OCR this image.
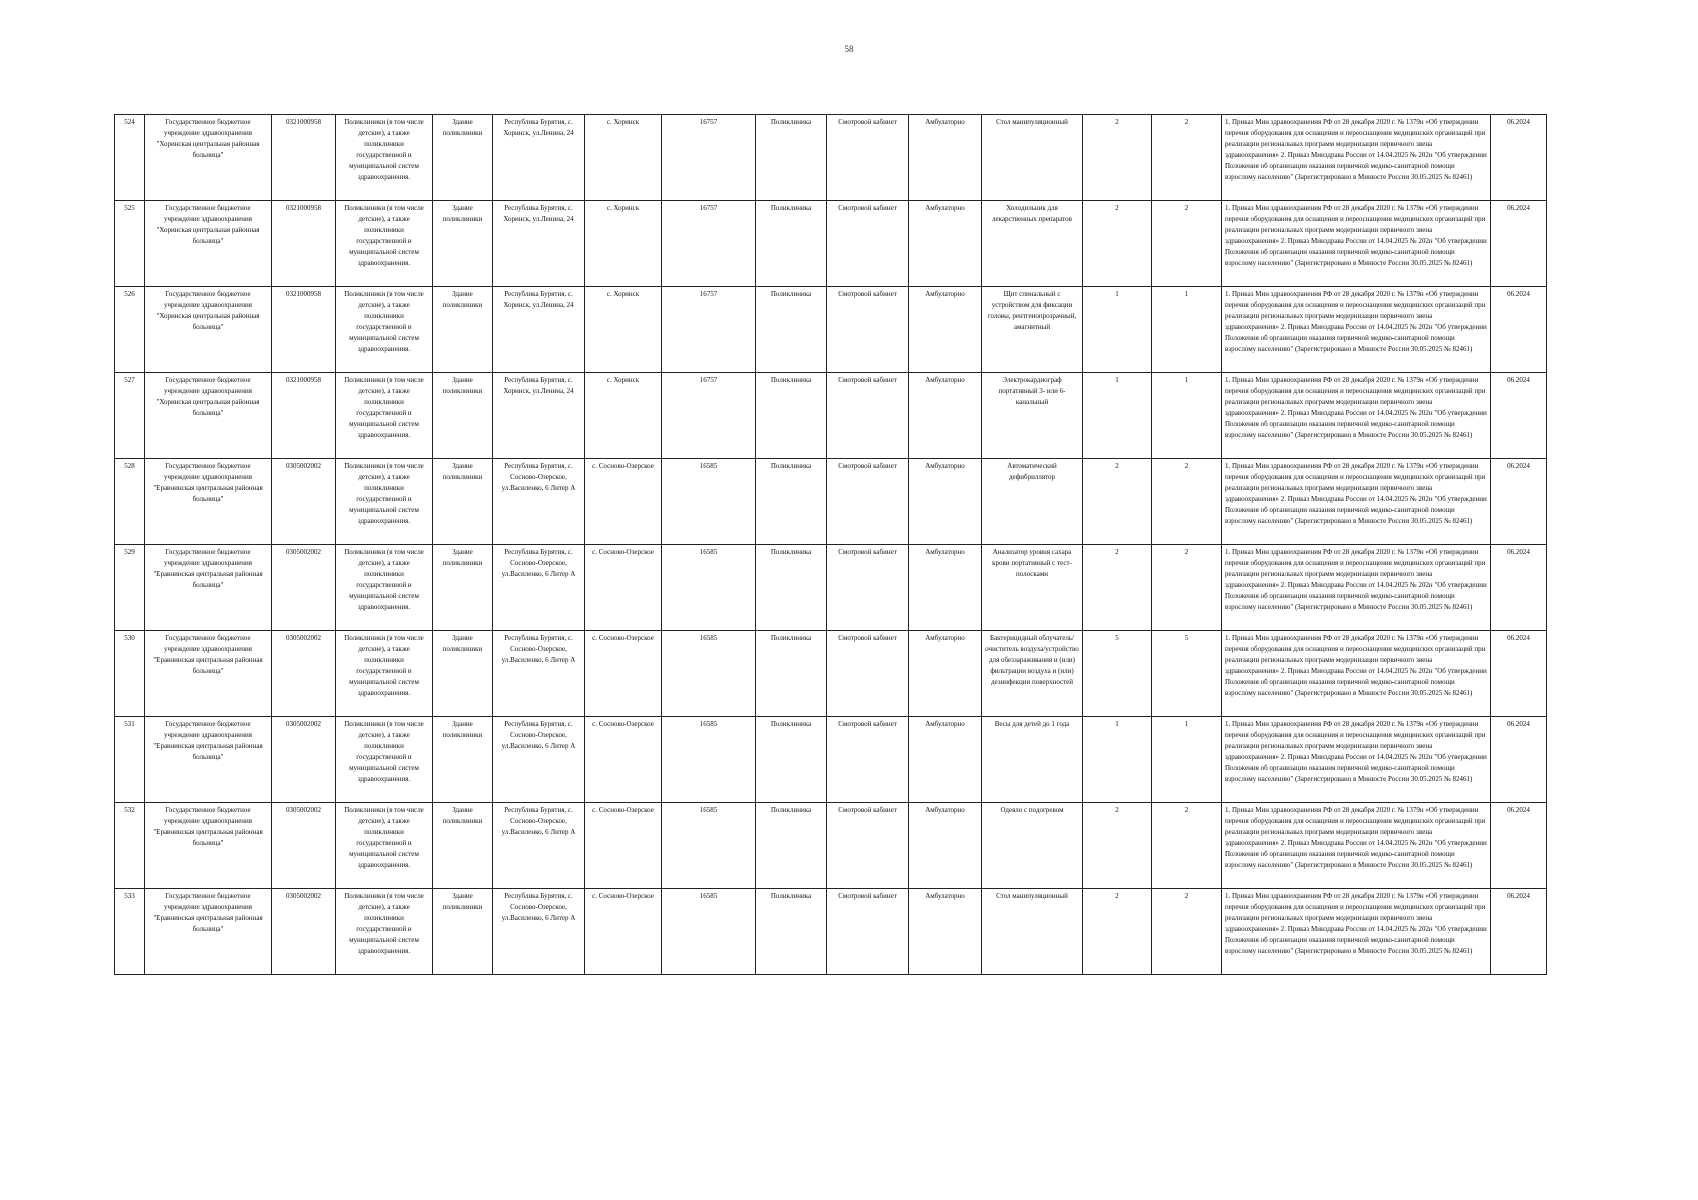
58
524	Государственное бюджетное учреждение здравоохранения "Хоринская центральная районная больница"	0321000958	Поликлиники (в том числе детские), а также поликлиники государственной и муниципальной систем здравоохранения.	Здание поликлиники	Республика Бурятия, с. Хоринск, ул.Ленина, 24	с. Хоринск	16757	Поликлиника	Смотровой кабинет	Амбулаторно	Стол манипуляционный	2	2	1. Приказ Мин здравоохранения РФ от 28 декабря 2020 г. № 1379н «Об утверждении перечня оборудования для оснащения и переоснащения медицинских организаций при реализации региональных программ модернизации первичного звена здравоохранения» 2. Приказ Минздрава России от 14.04.2025 № 202н "Об утверждении Положения об организации оказания первичной медико-санитарной помощи взрослому населению" (Зарегистрировано в Минюсте России 30.05.2025 № 82461)	06.2024
525	Государственное бюджетное учреждение здравоохранения "Хоринская центральная районная больница"	0321000958	Поликлиники (в том числе детские), а также поликлиники государственной и муниципальной систем здравоохранения.	Здание поликлиники	Республика Бурятия, с. Хоринск, ул.Ленина, 24	с. Хоринск	16757	Поликлиника	Смотровой кабинет	Амбулаторно	Холодильник для лекарственных препаратов	2	2	1. Приказ Мин здравоохранения РФ от 28 декабря 2020 г. № 1379н «Об утверждении перечня оборудования для оснащения и переоснащения медицинских организаций при реализации региональных программ модернизации первичного звена здравоохранения» 2. Приказ Минздрава России от 14.04.2025 № 202н "Об утверждении Положения об организации оказания первичной медико-санитарной помощи взрослому населению" (Зарегистрировано в Минюсте России 30.05.2025 № 82461)	06.2024
526	Государственное бюджетное учреждение здравоохранения "Хоринская центральная районная больница"	0321000958	Поликлиники (в том числе детские), а также поликлиники государственной и муниципальной систем здравоохранения.	Здание поликлиники	Республика Бурятия, с. Хоринск, ул.Ленина, 24	с. Хоринск	16757	Поликлиника	Смотровой кабинет	Амбулаторно	Щит спинальный с устройством для фиксации головы, рентгенопрозрачный, амагнитный	1	1	1. Приказ Мин здравоохранения РФ от 28 декабря 2020 г. № 1379н «Об утверждении перечня оборудования для оснащения и переоснащения медицинских организаций при реализации региональных программ модернизации первичного звена здравоохранения» 2. Приказ Минздрава России от 14.04.2025 № 202н "Об утверждении Положения об организации оказания первичной медико-санитарной помощи взрослому населению" (Зарегистрировано в Минюсте России 30.05.2025 № 82461)	06.2024
527	Государственное бюджетное учреждение здравоохранения "Хоринская центральная районная больница"	0321000958	Поликлиники (в том числе детские), а также поликлиники государственной и муниципальной систем здравоохранения.	Здание поликлиники	Республика Бурятия, с. Хоринск, ул.Ленина, 24	с. Хоринск	16757	Поликлиника	Смотровой кабинет	Амбулаторно	Электрокардиограф портативный 3- или 6-канальный	1	1	1. Приказ Мин здравоохранения РФ от 28 декабря 2020 г. № 1379н «Об утверждении перечня оборудования для оснащения и переоснащения медицинских организаций при реализации региональных программ модернизации первичного звена здравоохранения» 2. Приказ Минздрава России от 14.04.2025 № 202н "Об утверждении Положения об организации оказания первичной медико-санитарной помощи взрослому населению" (Зарегистрировано в Минюсте России 30.05.2025 № 82461)	06.2024
528	Государственное бюджетное учреждение здравоохранения "Еравнинская центральная районная больница"	0305002002	Поликлиники (в том числе детские), а также поликлиники государственной и муниципальной систем здравоохранения.	Здание поликлиники	Республика Бурятия, с. Сосново-Озерское, ул.Василенко, 6 Литер А	с. Сосново-Озерское	16585	Поликлиника	Смотровой кабинет	Амбулаторно	Автоматический дефибриллятор	2	2	1. Приказ Мин здравоохранения РФ от 28 декабря 2020 г. № 1379н «Об утверждении перечня оборудования для оснащения и переоснащения медицинских организаций при реализации региональных программ модернизации первичного звена здравоохранения» 2. Приказ Минздрава России от 14.04.2025 № 202н "Об утверждении Положения об организации оказания первичной медико-санитарной помощи взрослому населению" (Зарегистрировано в Минюсте России 30.05.2025 № 82461)	06.2024
529	Государственное бюджетное учреждение здравоохранения "Еравнинская центральная районная больница"	0305002002	Поликлиники (в том числе детские), а также поликлиники государственной и муниципальной систем здравоохранения.	Здание поликлиники	Республика Бурятия, с. Сосново-Озерское, ул.Василенко, 6 Литер А	с. Сосново-Озерское	16585	Поликлиника	Смотровой кабинет	Амбулаторно	Анализатор уровня сахара крови портативный с тест-полосками	2	2	1. Приказ Мин здравоохранения РФ от 28 декабря 2020 г. № 1379н «Об утверждении перечня оборудования для оснащения и переоснащения медицинских организаций при реализации региональных программ модернизации первичного звена здравоохранения» 2. Приказ Минздрава России от 14.04.2025 № 202н "Об утверждении Положения об организации оказания первичной медико-санитарной помощи взрослому населению" (Зарегистрировано в Минюсте России 30.05.2025 № 82461)	06.2024
530	Государственное бюджетное учреждение здравоохранения "Еравнинская центральная районная больница"	0305002002	Поликлиники (в том числе детские), а также поликлиники государственной и муниципальной систем здравоохранения.	Здание поликлиники	Республика Бурятия, с. Сосново-Озерское, ул.Василенко, 6 Литер А	с. Сосново-Озерское	16585	Поликлиника	Смотровой кабинет	Амбулаторно	Бактерицидный облучатель/очиститель воздуха/устройство для обеззараживания и (или) фильтрации воздуха и (или) дезинфекции поверхностей	5	5	1. Приказ Мин здравоохранения РФ от 28 декабря 2020 г. № 1379н «Об утверждении перечня оборудования для оснащения и переоснащения медицинских организаций при реализации региональных программ модернизации первичного звена здравоохранения» 2. Приказ Минздрава России от 14.04.2025 № 202н "Об утверждении Положения об организации оказания первичной медико-санитарной помощи взрослому населению" (Зарегистрировано в Минюсте России 30.05.2025 № 82461)	06.2024
531	Государственное бюджетное учреждение здравоохранения "Еравнинская центральная районная больница"	0305002002	Поликлиники (в том числе детские), а также поликлиники государственной и муниципальной систем здравоохранения.	Здание поликлиники	Республика Бурятия, с. Сосново-Озерское, ул.Василенко, 6 Литер А	с. Сосново-Озерское	16585	Поликлиника	Смотровой кабинет	Амбулаторно	Весы для детей до 1 года	1	1	1. Приказ Мин здравоохранения РФ от 28 декабря 2020 г. № 1379н «Об утверждении перечня оборудования для оснащения и переоснащения медицинских организаций при реализации региональных программ модернизации первичного звена здравоохранения» 2. Приказ Минздрава России от 14.04.2025 № 202н "Об утверждении Положения об организации оказания первичной медико-санитарной помощи взрослому населению" (Зарегистрировано в Минюсте России 30.05.2025 № 82461)	06.2024
532	Государственное бюджетное учреждение здравоохранения "Еравнинская центральная районная больница"	0305002002	Поликлиники (в том числе детские), а также поликлиники государственной и муниципальной систем здравоохранения.	Здание поликлиники	Республика Бурятия, с. Сосново-Озерское, ул.Василенко, 6 Литер А	с. Сосново-Озерское	16585	Поликлиника	Смотровой кабинет	Амбулаторно	Одеяло с подогревом	2	2	1. Приказ Мин здравоохранения РФ от 28 декабря 2020 г. № 1379н «Об утверждении перечня оборудования для оснащения и переоснащения медицинских организаций при реализации региональных программ модернизации первичного звена здравоохранения» 2. Приказ Минздрава России от 14.04.2025 № 202н "Об утверждении Положения об организации оказания первичной медико-санитарной помощи взрослому населению" (Зарегистрировано в Минюсте России 30.05.2025 № 82461)	06.2024
533	Государственное бюджетное учреждение здравоохранения "Еравнинская центральная районная больница"	0305002002	Поликлиники (в том числе детские), а также поликлиники государственной и муниципальной систем здравоохранения.	Здание поликлиники	Республика Бурятия, с. Сосново-Озерское, ул.Василенко, 6 Литер А	с. Сосново-Озерское	16585	Поликлиника	Смотровой кабинет	Амбулаторно	Стол манипуляционный	2	2	1. Приказ Мин здравоохранения РФ от 28 декабря 2020 г. № 1379н «Об утверждении перечня оборудования для оснащения и переоснащения медицинских организаций при реализации региональных программ модернизации первичного звена здравоохранения» 2. Приказ Минздрава России от 14.04.2025 № 202н "Об утверждении Положения об организации оказания первичной медико-санитарной помощи взрослому населению" (Зарегистрировано в Минюсте России 30.05.2025 № 82461)	06.2024
